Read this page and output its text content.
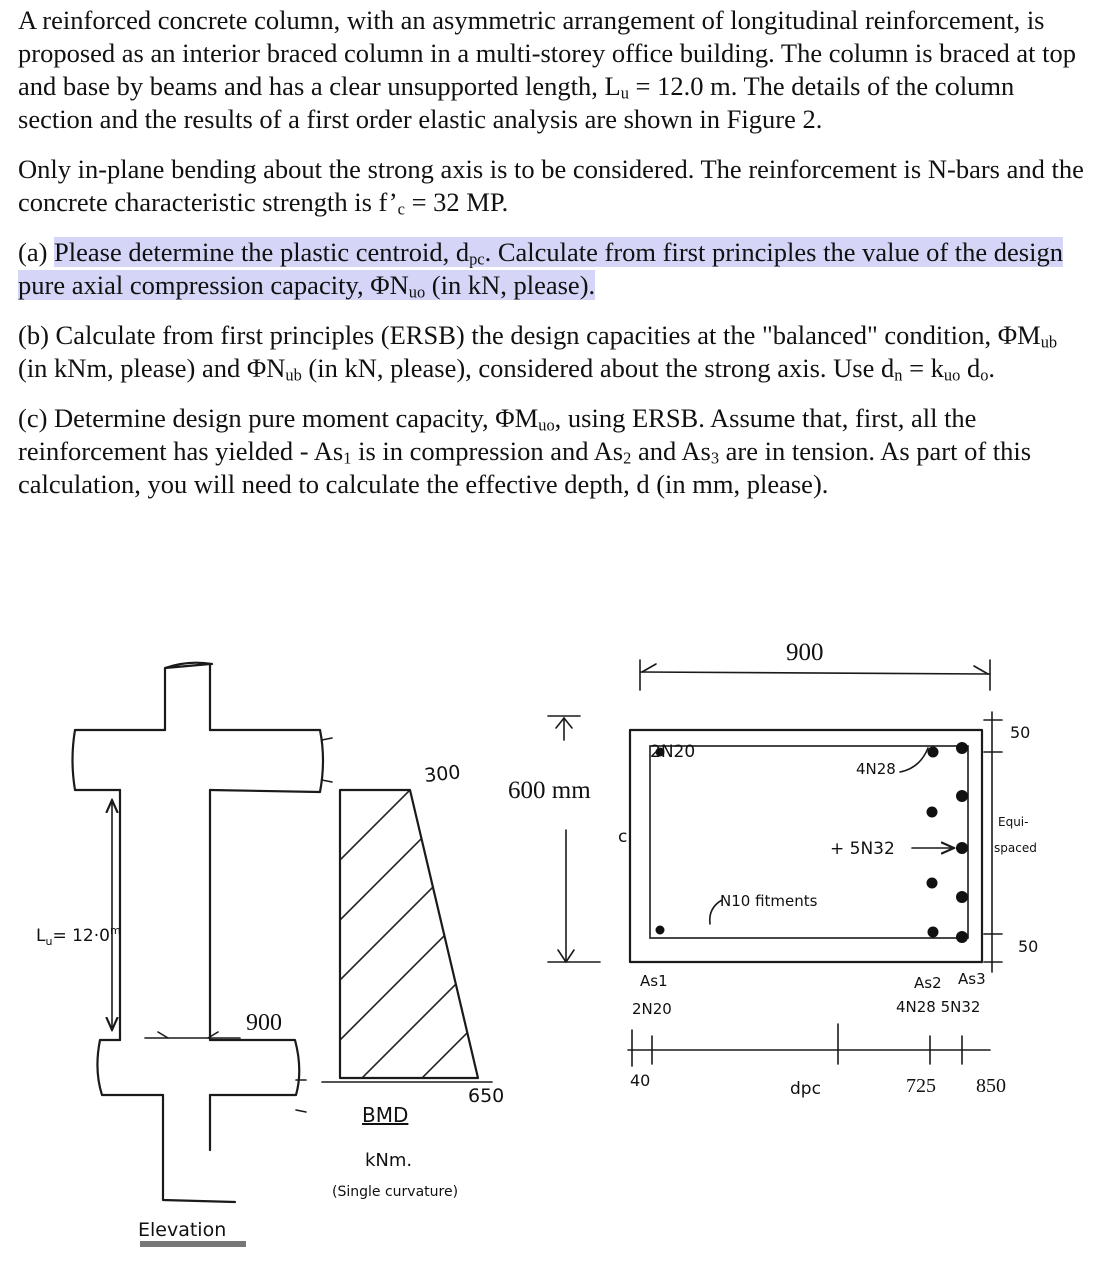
A reinforced concrete column, with an asymmetric arrangement of longitudinal reinforcement, is proposed as an interior braced column in a multi-storey office building. The column is braced at top and base by beams and has a clear unsupported length, $L_u = 12.0$ m. The details of the column section and the results of a first order elastic analysis are shown in Figure 2.

Only in-plane bending about the strong axis is to be considered. The reinforcement is N-bars and the concrete characteristic strength is $f’_c = 32$ MP.

(a) Please determine the plastic centroid, $d_{pc}$. Calculate from first principles the value of the design pure axial compression capacity, $\Phi N_{uo}$ (in kN, please).

(b) Calculate from first principles (ERSB) the design capacities at the "balanced" condition, $\Phi M_{ub}$ (in kNm, please) and $\Phi N_{ub}$ (in kN, please), considered about the strong axis. Use $d_n = k_{uo}$ $d_o$.

(c) Determine design pure moment capacity, $\Phi M_{uo}$, using ERSB. Assume that, first, all the reinforcement has yielded - $As_1$ is in compression and $As_2$ and $As_3$ are in tension. As part of this calculation, you will need to calculate the effective depth, d (in mm, please).

$L_u= 12\cdot 0^m$
900
Elevation
300
650
BMD
kNm.
(Single curvature)
600 mm
900
2N20
4N28
+ 5N32
N10 fitments
c
50
Equi-
spaced
50
As1
2N20
As2 As3
4N28 5N32
40	dpc	725 850
